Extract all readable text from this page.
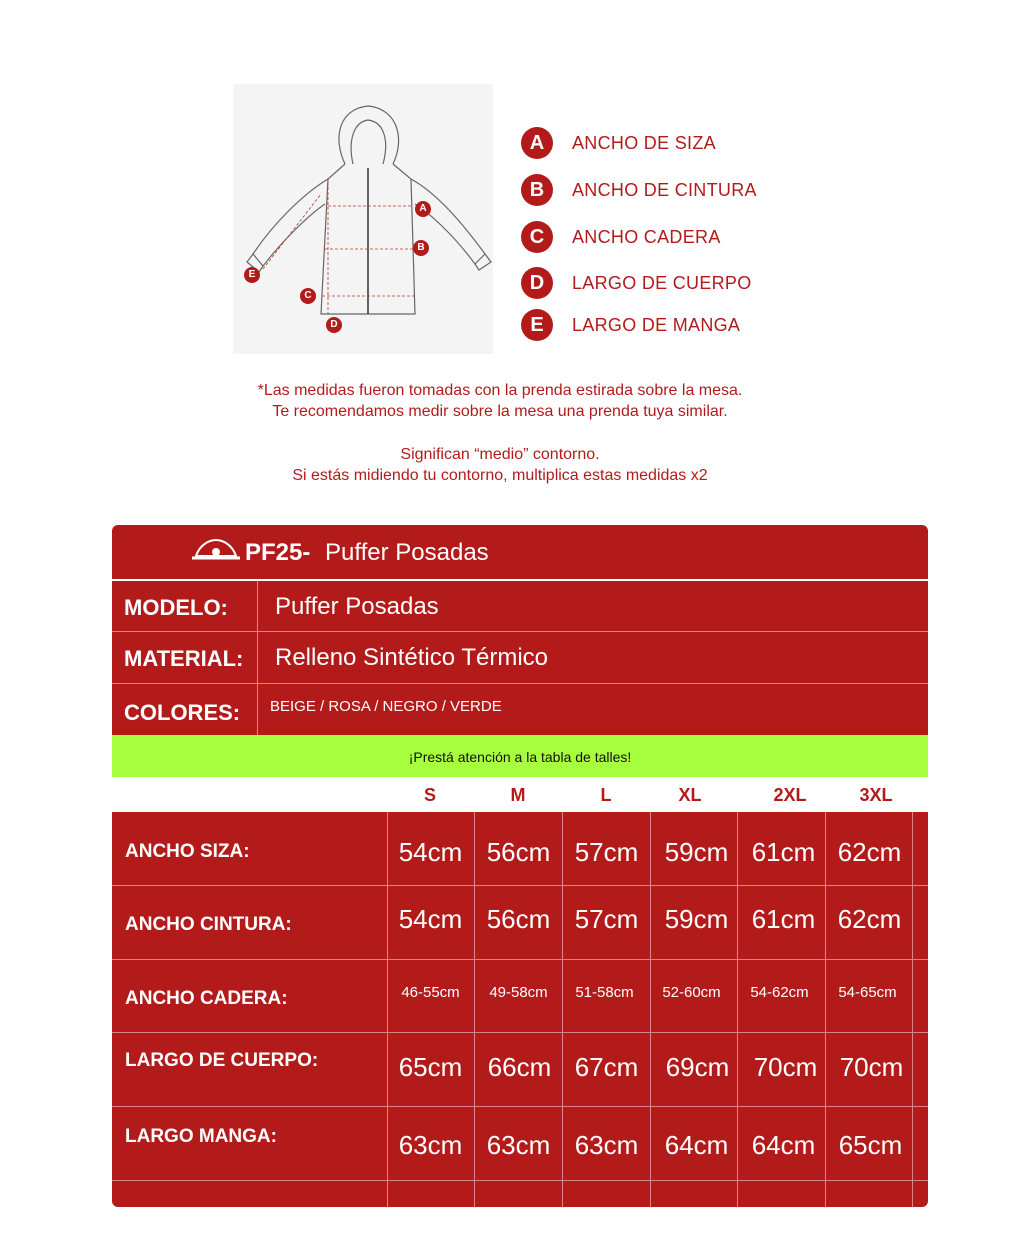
A
B
C
D
E
A	ANCHO DE SIZA
B	ANCHO DE CINTURA
C	ANCHO CADERA
D	LARGO DE CUERPO
E	LARGO DE MANGA
*Las medidas fueron tomadas con la prenda estirada sobre la mesa.
Te recomendamos medir sobre la mesa una prenda tuya similar.
Significan “medio” contorno.
Si estás midiendo tu contorno, multiplica estas medidas x2
PF25- Puffer Posadas
MODELO: Puffer Posadas
MATERIAL: Relleno Sintético Térmico
COLORES: BEIGE / ROSA / NEGRO / VERDE
¡Prestá atención a la tabla de talles!
S	M	L	XL	2XL	3XL
ANCHO SIZA:	54cm 56cm 57cm	59cm 61cm 62cm
ANCHO CINTURA:	54cm 56cm 57cm	59cm 61cm 62cm
ANCHO CADERA:	46-55cm	49-58cm	51-58cm	52-60cm	54-62cm	54-65cm
LARGO DE CUERPO:	65cm 66cm 67cm	69cm 70cm 70cm
LARGO MANGA:	63cm 63cm 63cm	64cm 64cm 65cm
